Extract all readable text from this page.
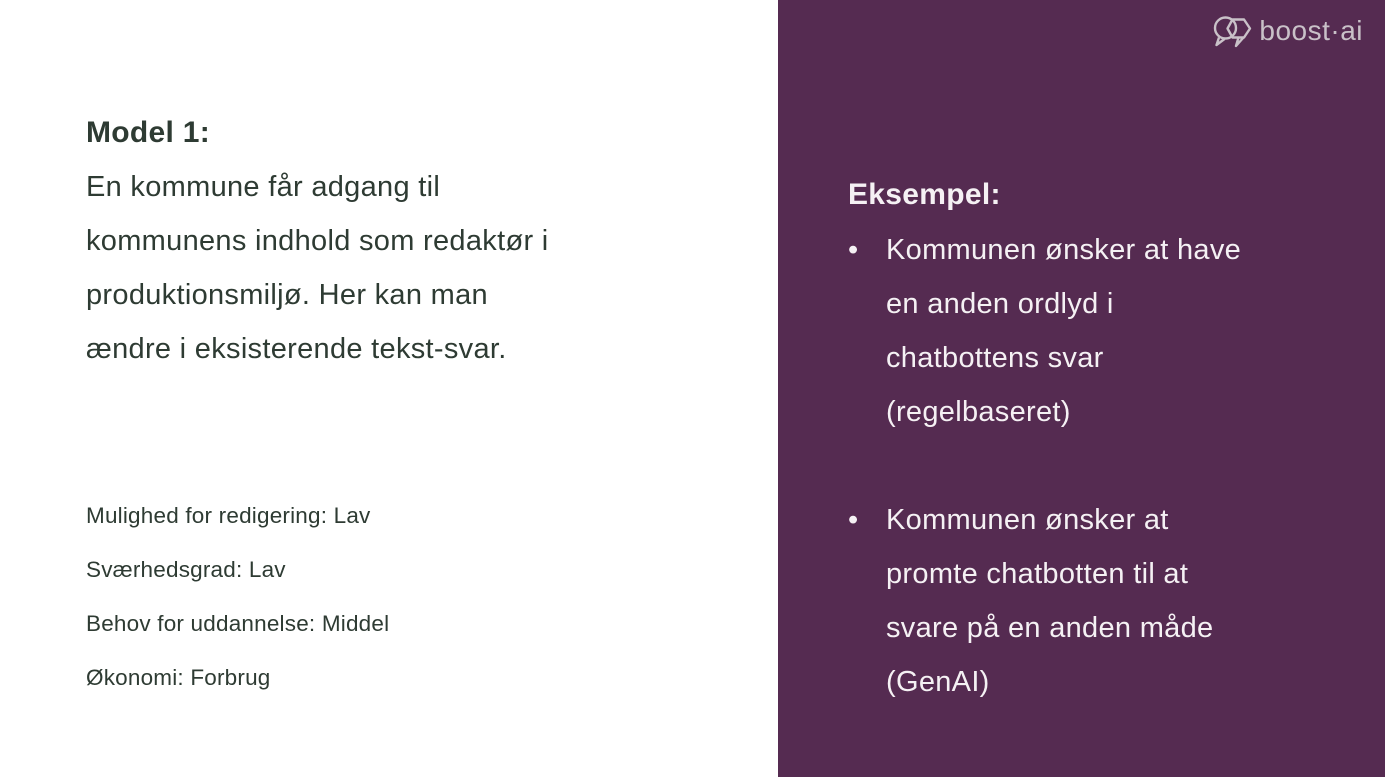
Model 1:
En kommune får adgang til
kommunens indhold som redaktør i
produktionsmiljø. Her kan man
ændre i eksisterende tekst-svar.
Mulighed for redigering: Lav
Sværhedsgrad: Lav
Behov for uddannelse: Middel
Økonomi: Forbrug
boost·ai
Eksempel:
• Kommunen ønsker at have
en anden ordlyd i
chatbottens svar
(regelbaseret)
• Kommunen ønsker at
promte chatbotten til at
svare på en anden måde
(GenAI)
